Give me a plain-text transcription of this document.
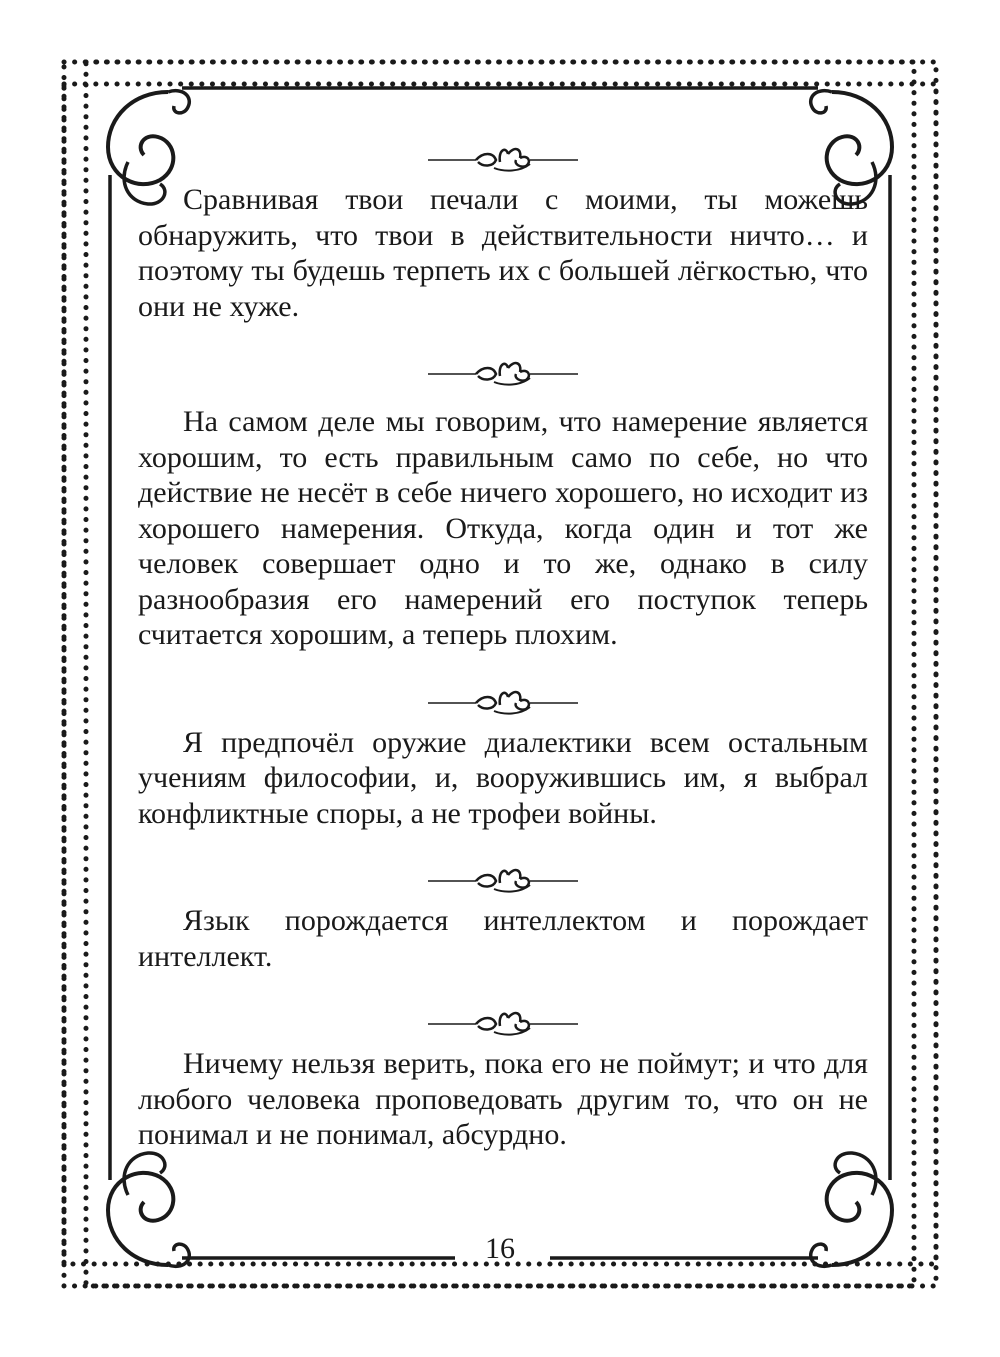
Сравнивая твои печали с моими, ты можешь обнаружить, что твои в действительности ничто… и поэтому ты будешь терпеть их с большей лёгкостью, что они не хуже.

На самом деле мы говорим, что намерение является хорошим, то есть правильным само по себе, но что действие не несёт в себе ничего хорошего, но исходит из хорошего намерения. Откуда, когда один и тот же человек совершает одно и то же, однако в силу разнообразия его намерений его поступок теперь считается хорошим, а теперь плохим.

Я предпочёл оружие диалектики всем остальным учениям философии, и, вооружившись им, я выбрал конфликтные споры, а не трофеи войны.

Язык порождается интеллектом и порождает интеллект.

Ничему нельзя верить, пока его не поймут; и что для любого человека проповедовать другим то, что он не понимал и не понимал, абсурдно.

16
